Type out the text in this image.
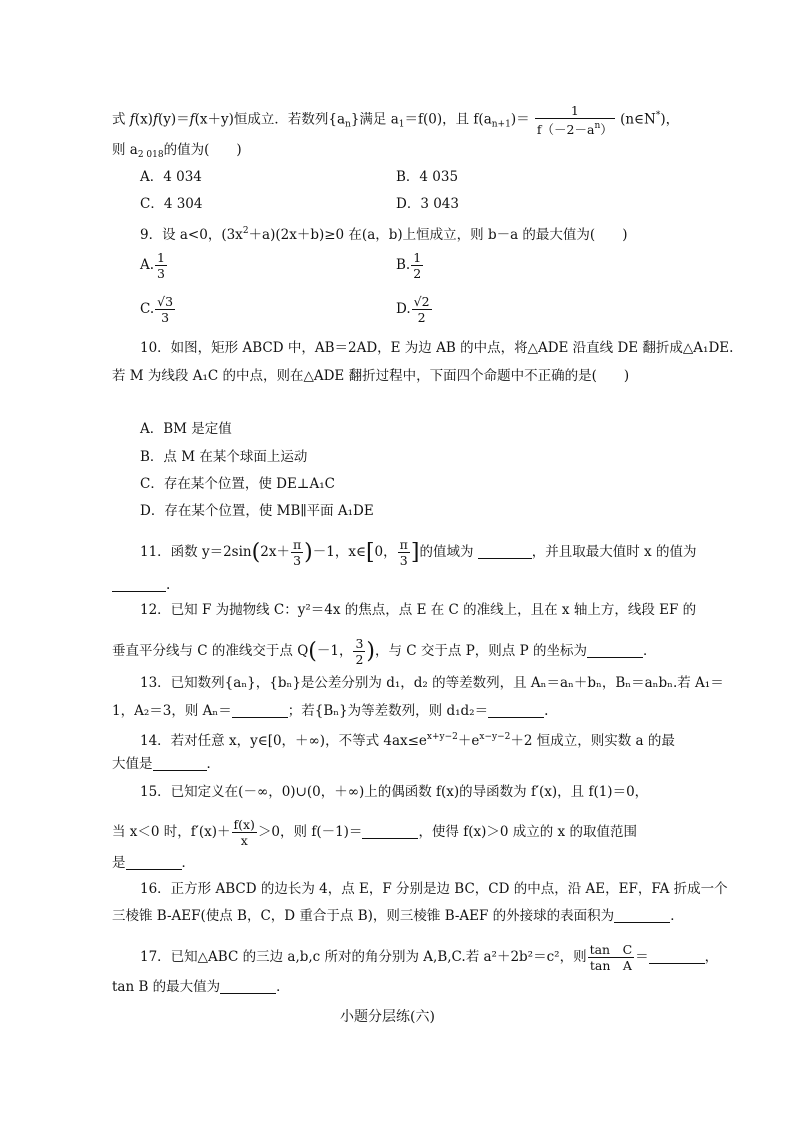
式 f(x)f(y)＝f(x＋y)恒成立．若数列$\{a_n\}$满足 $a_1=f(0)$，且 $f(a_{n+1})= \frac{1}{f(-2-a^n)}$ (n∈N*)，
则 $a_{2 018}$的值为(　　)
A．4 034	B．4 035
C．4 304	D．3 043
9．设 a<0，$(3x^2+a)(2x+b)\ge 0$ 在(a，b)上恒成立，则 b－a 的最大值为(　　)
A. $\frac{1}{3}$	B. $\frac{1}{2}$
C. $\frac{√3}{3}$	D. $\frac{√2}{2}$
10．如图，矩形 ABCD 中，AB＝2AD，E 为边 AB 的中点，将△ADE 沿直线 DE 翻折成△A₁DE.
若 M 为线段 A₁C 的中点，则在△ADE 翻折过程中，下面四个命题中不正确的是(　　)
A．BM 是定值
B．点 M 在某个球面上运动
C．存在某个位置，使 DE⊥A₁C
D．存在某个位置，使 MB∥平面 A₁DE
11．函数 $y=2\sin(2x+ \frac{\pi}{3} )-1$，x∈[0， $\frac{\pi}{3}$ ]的值域为	，并且取最大值时 x 的值为
.
12．已知 F 为抛物线 C：y²＝4x 的焦点，点 E 在 C 的准线上，且在 x 轴上方，线段 EF 的
垂直平分线与 C 的准线交于点 Q(－1， $\frac{3}{2}$ )，与 C 交于点 P，则点 P 的坐标为	．
13．已知数列{aₙ}，{bₙ}是公差分别为 d₁，d₂ 的等差数列，且 Aₙ＝aₙ＋bₙ，Bₙ＝aₙbₙ.若 A₁＝
1，A₂＝3，则 Aₙ＝	；若{Bₙ}为等差数列，则 d₁d₂＝	.
14．若对任意 x，y∈[0，＋∞)，不等式 $4ax\le e^{x+y-2}+e^{x-y-2}+2$ 恒成立，则实数 a 的最
大值是	．
15．已知定义在(－∞，0)∪(0，＋∞)上的偶函数 f(x)的导函数为 f′(x)，且 f(1)＝0，
当 x＜0 时，$f'(x)+ \frac{f(x)}{x} >0$，则 f(－1)＝	，使得 f(x)＞0 成立的 x 的取值范围
是	．
16．正方形 ABCD 的边长为 4，点 E，F 分别是边 BC，CD 的中点，沿 AE，EF，FA 折成一个
三棱锥 B-AEF(使点 B，C，D 重合于点 B)，则三棱锥 B-AEF 的外接球的表面积为	．
17．已知△ABC 的三边 a,b,c 所对的角分别为 A,B,C.若 a²＋2b²＝c²，则 $\frac{\text{tan　C}}{\text{tan　A}}$ ＝	，
tan B 的最大值为	．
小题分层练(六)
